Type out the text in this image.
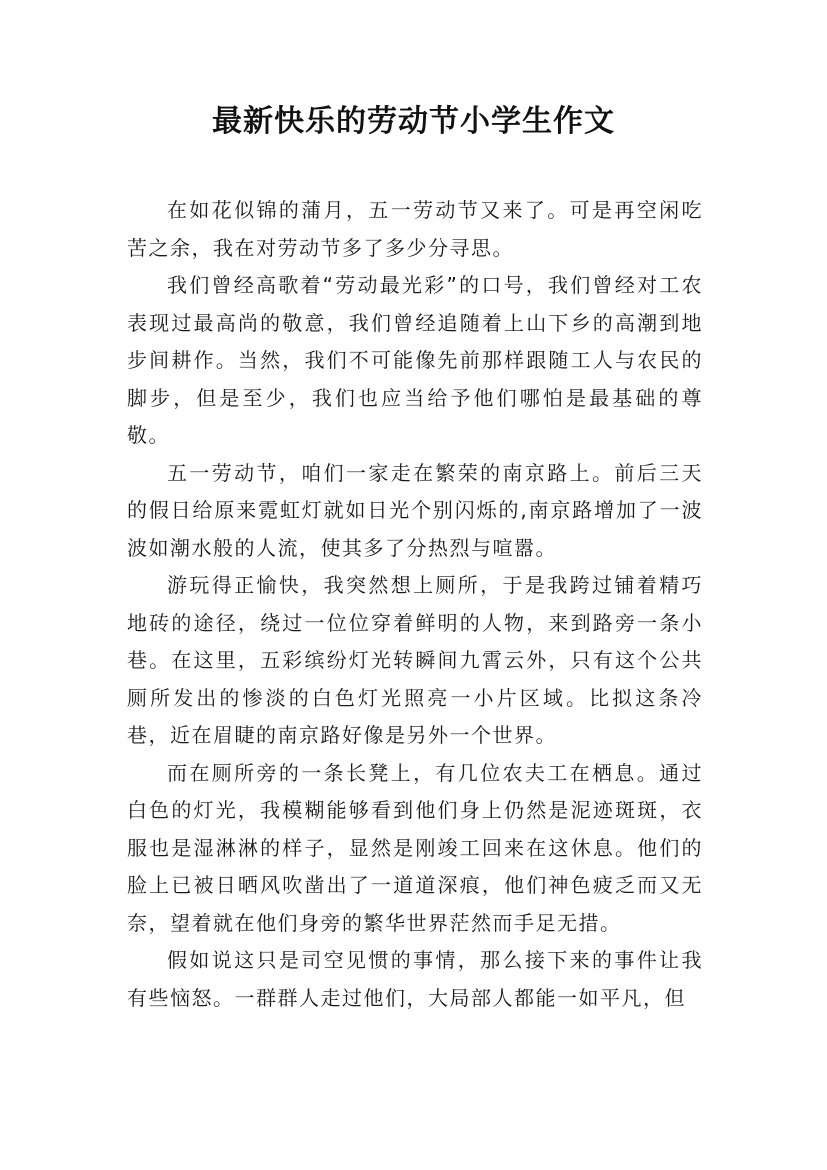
最新快乐的劳动节小学生作文

在如花似锦的蒲月，五一劳动节又来了。可是再空闲吃苦之余，我在对劳动节多了多少分寻思。

我们曾经高歌着“劳动最光彩”的口号，我们曾经对工农表现过最高尚的敬意，我们曾经追随着上山下乡的高潮到地步间耕作。当然，我们不可能像先前那样跟随工人与农民的脚步，但是至少，我们也应当给予他们哪怕是最基础的尊敬。

五一劳动节，咱们一家走在繁荣的南京路上。前后三天的假日给原来霓虹灯就如日光个别闪烁的,南京路增加了一波波如潮水般的人流，使其多了分热烈与喧嚣。

游玩得正愉快，我突然想上厕所，于是我跨过铺着精巧地砖的途径，绕过一位位穿着鲜明的人物，来到路旁一条小巷。在这里，五彩缤纷灯光转瞬间九霄云外，只有这个公共厕所发出的惨淡的白色灯光照亮一小片区域。比拟这条冷巷，近在眉睫的南京路好像是另外一个世界。

而在厕所旁的一条长凳上，有几位农夫工在栖息。通过白色的灯光，我模糊能够看到他们身上仍然是泥迹斑斑，衣服也是湿淋淋的样子，显然是刚竣工回来在这休息。他们的脸上已被日晒风吹凿出了一道道深痕，他们神色疲乏而又无奈，望着就在他们身旁的繁华世界茫然而手足无措。

假如说这只是司空见惯的事情，那么接下来的事件让我有些恼怒。一群群人走过他们，大局部人都能一如平凡，但
